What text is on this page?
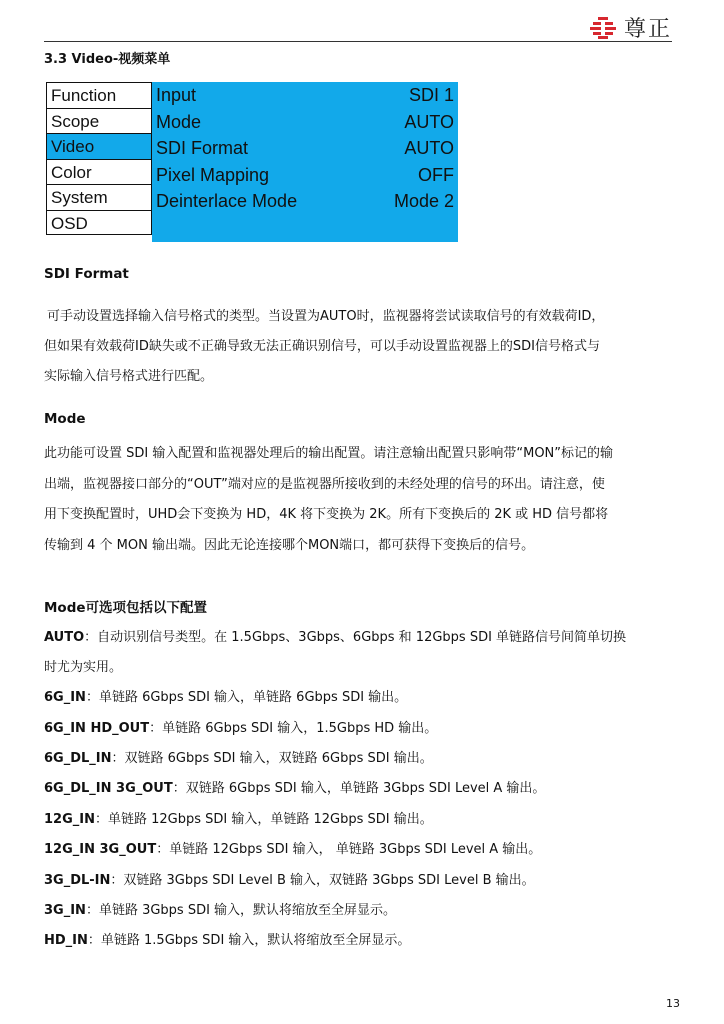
尊正
3.3 Video-视频菜单
Function
Scope
Video
Color
System
OSD
Input	SDI 1
Mode	AUTO
SDI Format	AUTO
Pixel Mapping	OFF
Deinterlace Mode	Mode 2
SDI Format
可手动设置选择输入信号格式的类型。当设置为AUTO时，监视器将尝试读取信号的有效载荷ID，
但如果有效载荷ID缺失或不正确导致无法正确识别信号，可以手动设置监视器上的SDI信号格式与
实际输入信号格式进行匹配。
Mode
此功能可设置 SDI 输入配置和监视器处理后的输出配置。请注意输出配置只影响带“MON”标记的输
出端，监视器接口部分的“OUT”端对应的是监视器所接收到的未经处理的信号的环出。请注意，使
用下变换配置时，UHD会下变换为 HD，4K 将下变换为 2K。所有下变换后的 2K 或 HD 信号都将
传输到 4 个 MON 输出端。因此无论连接哪个MON端口，都可获得下变换后的信号。
Mode可选项包括以下配置
AUTO：自动识别信号类型。在 1.5Gbps、3Gbps、6Gbps 和 12Gbps SDI 单链路信号间简单切换
时尤为实用。
6G_IN：单链路 6Gbps SDI 输入，单链路 6Gbps SDI 输出。
6G_IN HD_OUT：单链路 6Gbps SDI 输入，1.5Gbps HD 输出。
6G_DL_IN：双链路 6Gbps SDI 输入，双链路 6Gbps SDI 输出。
6G_DL_IN 3G_OUT：双链路 6Gbps SDI 输入，单链路 3Gbps SDI Level A 输出。
12G_IN：单链路 12Gbps SDI 输入，单链路 12Gbps SDI 输出。
12G_IN 3G_OUT：单链路 12Gbps SDI 输入， 单链路 3Gbps SDI Level A 输出。
3G_DL-IN：双链路 3Gbps SDI Level B 输入，双链路 3Gbps SDI Level B 输出。
3G_IN：单链路 3Gbps SDI 输入，默认将缩放至全屏显示。
HD_IN：单链路 1.5Gbps SDI 输入，默认将缩放至全屏显示。
13
